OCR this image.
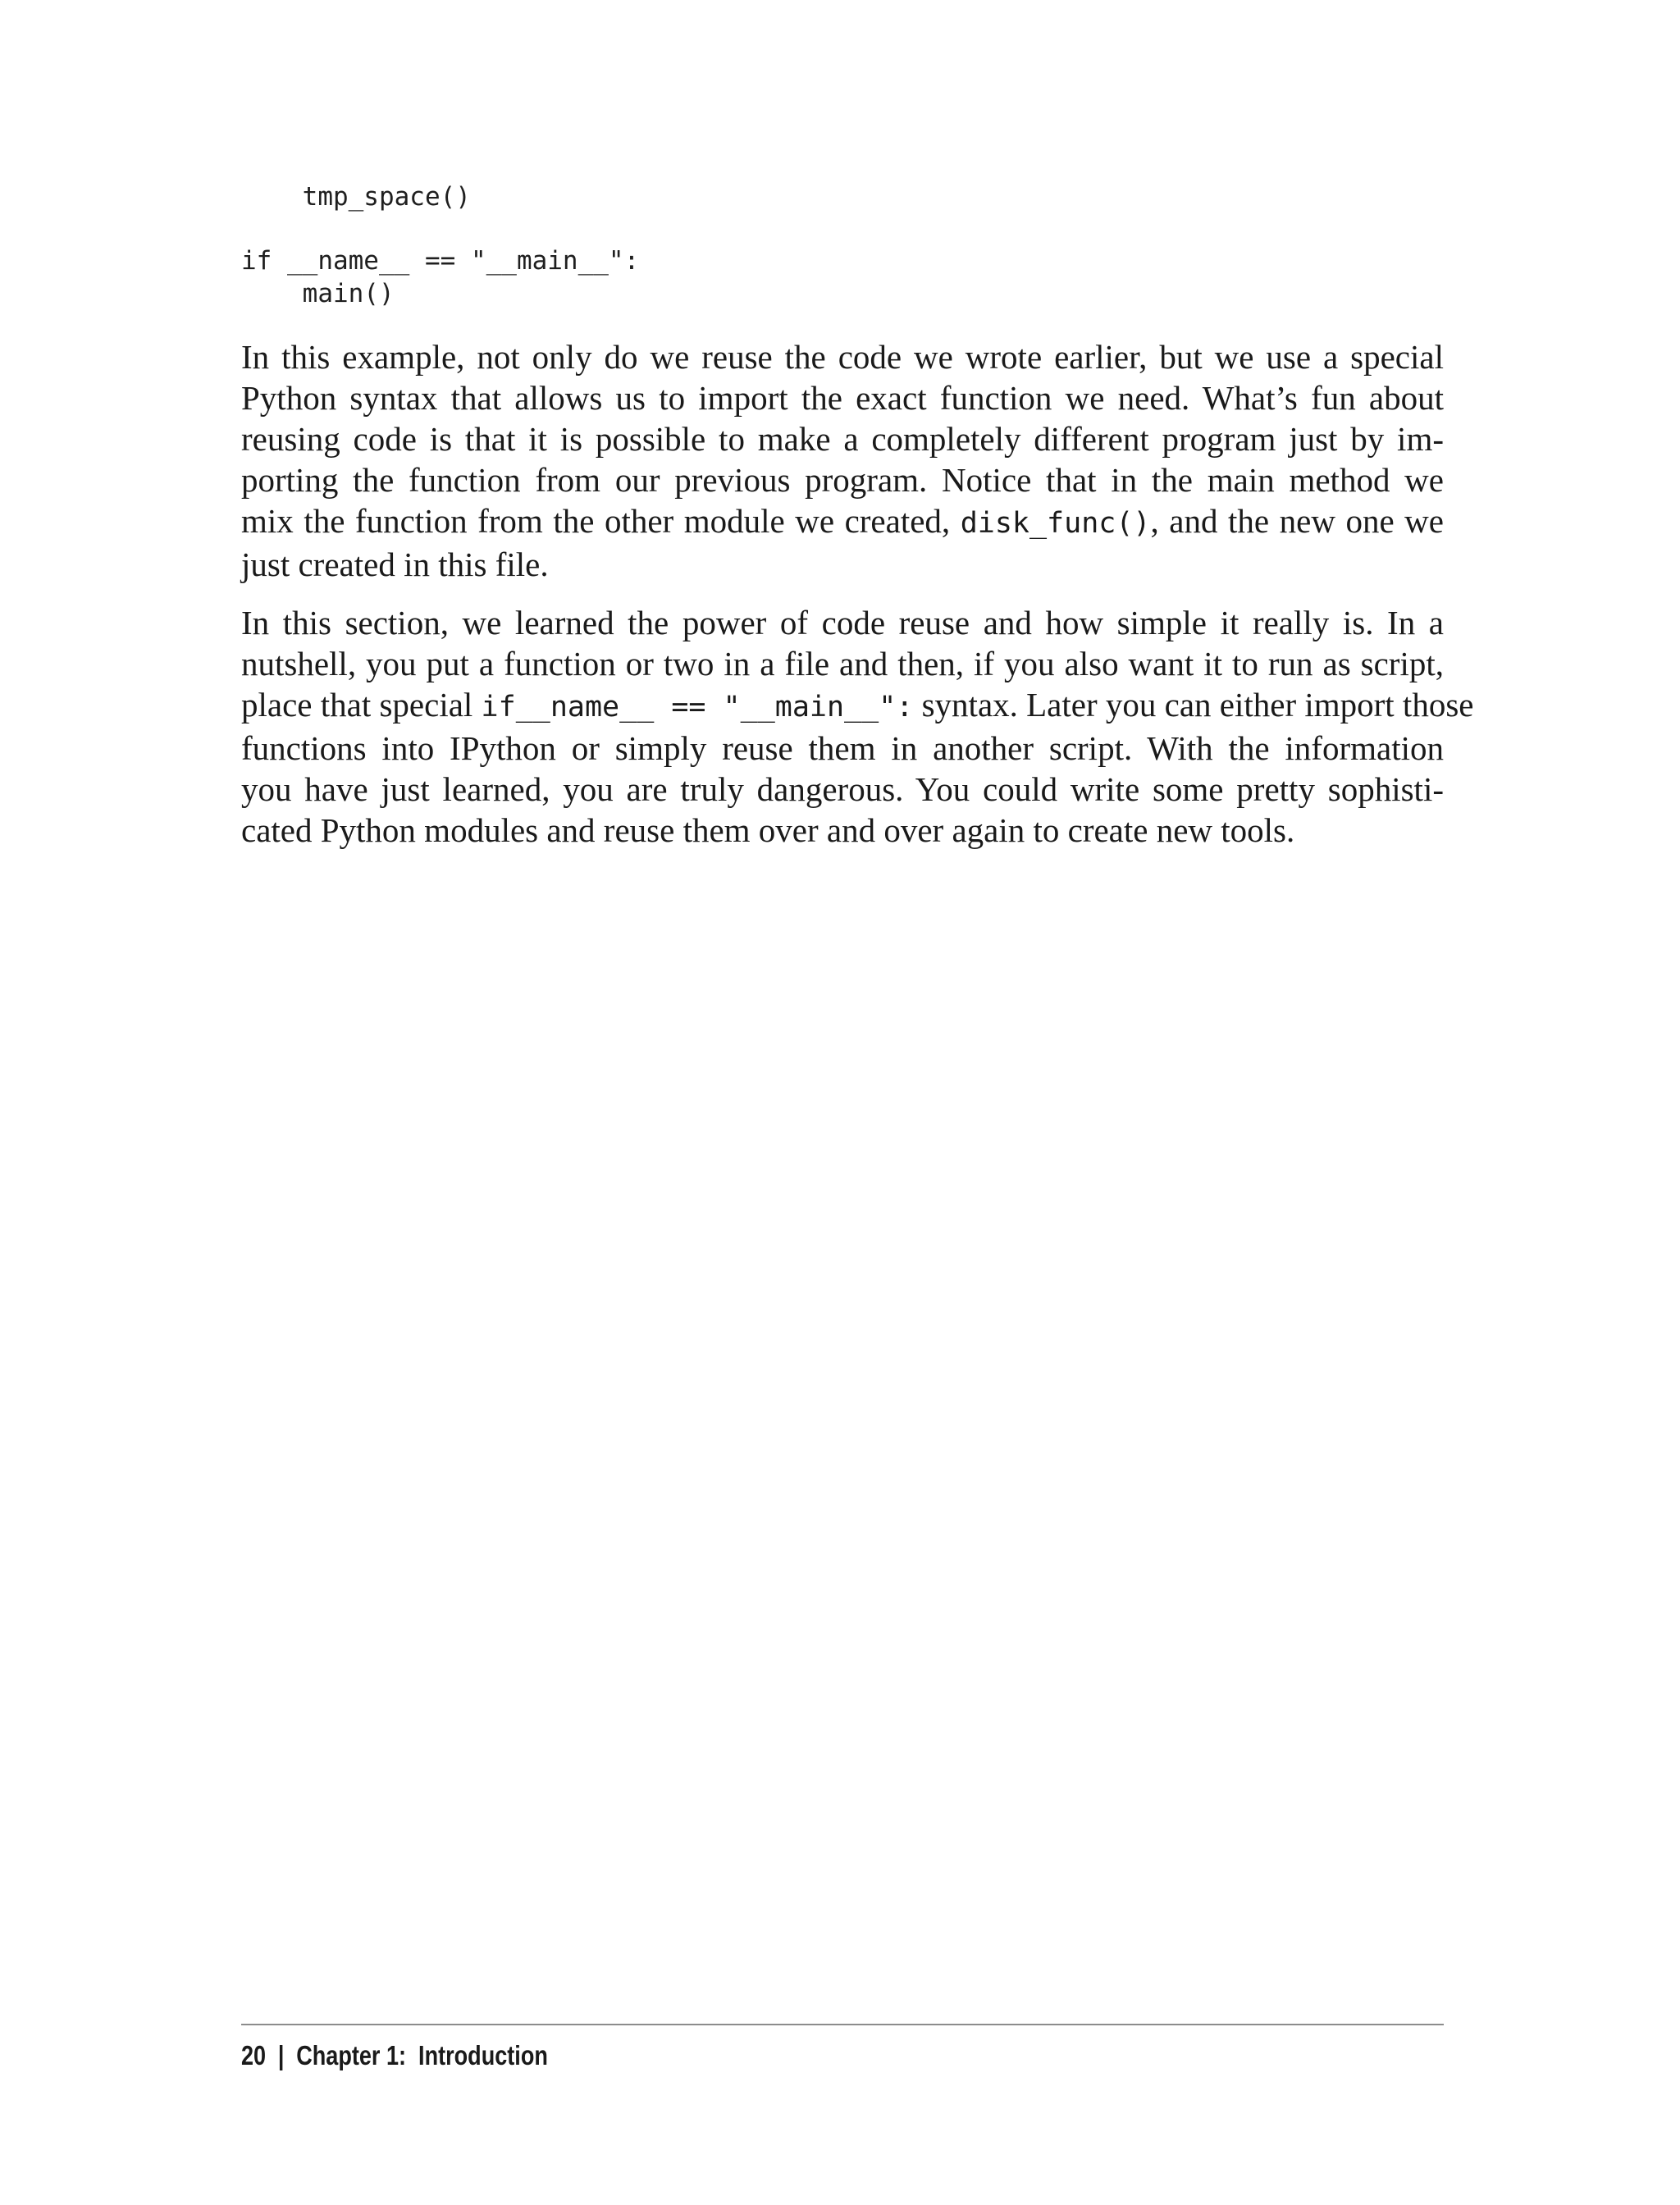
tmp_space()
if __name__ == "__main__":
main()
In this example, not only do we reuse the code we wrote earlier, but we use a special
Python syntax that allows us to import the exact function we need. What’s fun about
reusing code is that it is possible to make a completely different program just by im-
porting the function from our previous program. Notice that in the main method we
mix the function from the other module we created, disk_func(), and the new one we
just created in this file.
In this section, we learned the power of code reuse and how simple it really is. In a
nutshell, you put a function or two in a file and then, if you also want it to run as script,
place that special if__name__ == "__main__": syntax. Later you can either import those
functions into IPython or simply reuse them in another script. With the information
you have just learned, you are truly dangerous. You could write some pretty sophisti-
cated Python modules and reuse them over and over again to create new tools.
20 | Chapter 1:  Introduction
